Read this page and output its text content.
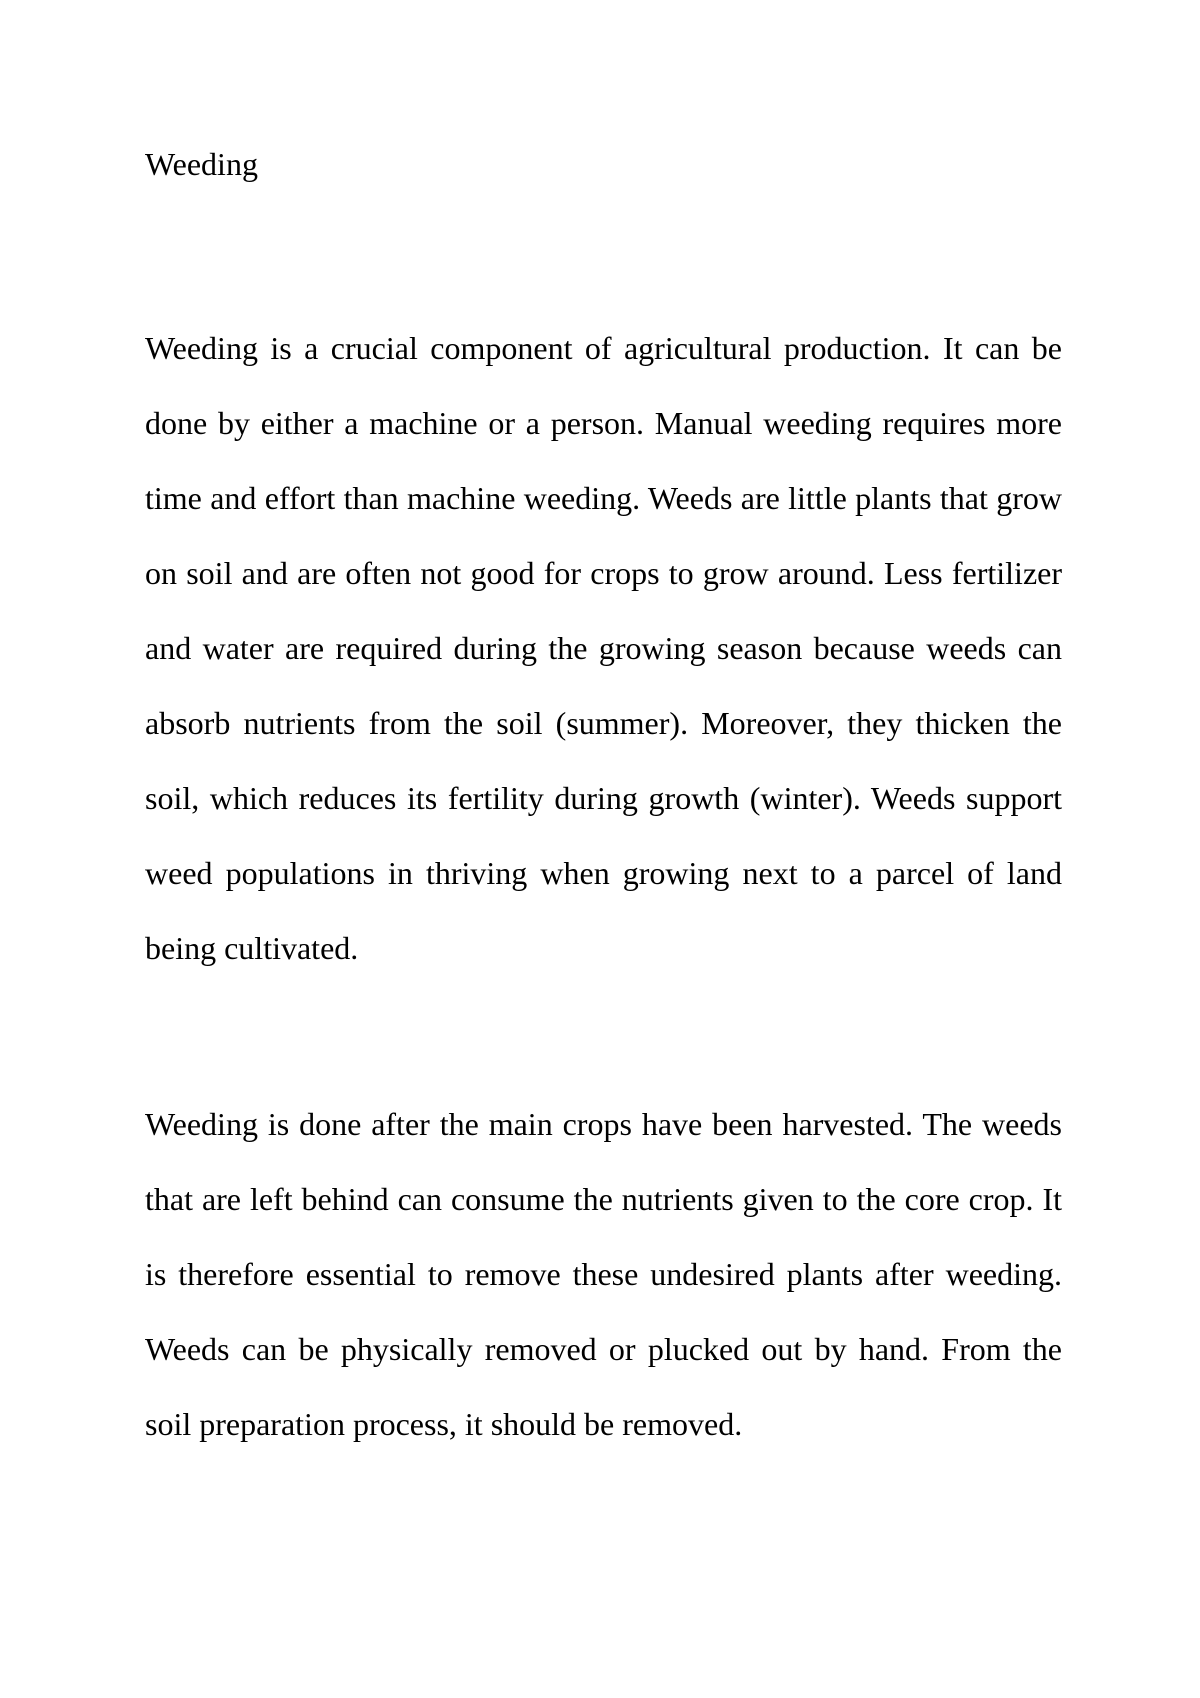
Weeding

Weeding is a crucial component of agricultural production. It can be done by either a machine or a person. Manual weeding requires more time and effort than machine weeding. Weeds are little plants that grow on soil and are often not good for crops to grow around. Less fertilizer and water are required during the growing season because weeds can absorb nutrients from the soil (summer). Moreover, they thicken the soil, which reduces its fertility during growth (winter). Weeds support weed populations in thriving when growing next to a parcel of land being cultivated.

Weeding is done after the main crops have been harvested. The weeds that are left behind can consume the nutrients given to the core crop. It is therefore essential to remove these undesired plants after weeding. Weeds can be physically removed or plucked out by hand. From the soil preparation process, it should be removed.
